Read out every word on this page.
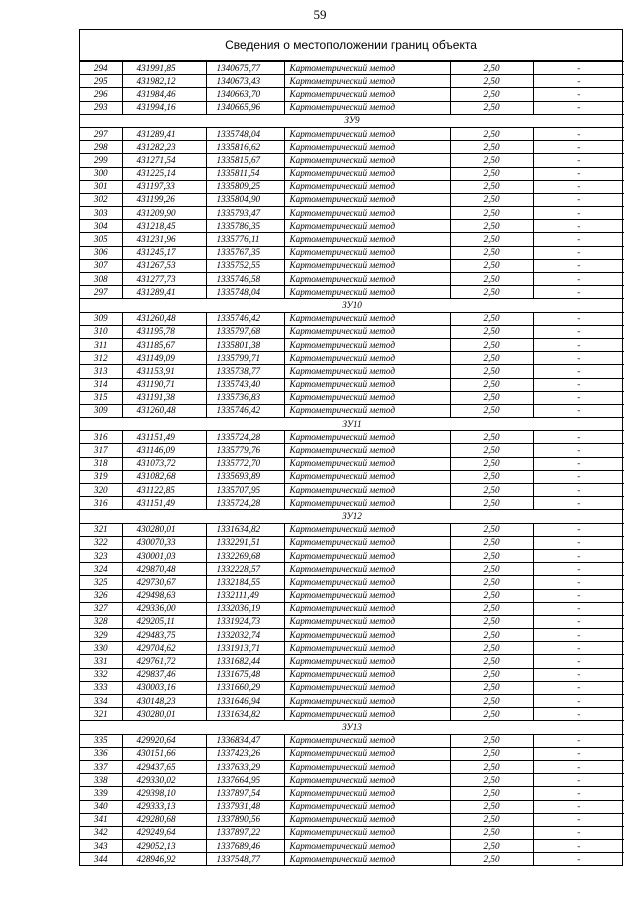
59
Сведения о местоположении границ объекта
294	431991,85	1340675,77	Картометрический метод	2,50	-
295	431982,12	1340673,43	Картометрический метод	2,50	-
296	431984,46	1340663,70	Картометрический метод	2,50	-
293	431994,16	1340665,96	Картометрический метод	2,50	-
ЗУ9					
297	431289,41	1335748,04	Картометрический метод	2,50	-
298	431282,23	1335816,62	Картометрический метод	2,50	-
299	431271,54	1335815,67	Картометрический метод	2,50	-
300	431225,14	1335811,54	Картометрический метод	2,50	-
301	431197,33	1335809,25	Картометрический метод	2,50	-
302	431199,26	1335804,90	Картометрический метод	2,50	-
303	431209,90	1335793,47	Картометрический метод	2,50	-
304	431218,45	1335786,35	Картометрический метод	2,50	-
305	431231,96	1335776,11	Картометрический метод	2,50	-
306	431245,17	1335767,35	Картометрический метод	2,50	-
307	431267,53	1335752,55	Картометрический метод	2,50	-
308	431277,73	1335746,58	Картометрический метод	2,50	-
297	431289,41	1335748,04	Картометрический метод	2,50	-
ЗУ10					
309	431260,48	1335746,42	Картометрический метод	2,50	-
310	431195,78	1335797,68	Картометрический метод	2,50	-
311	431185,67	1335801,38	Картометрический метод	2,50	-
312	431149,09	1335799,71	Картометрический метод	2,50	-
313	431153,91	1335738,77	Картометрический метод	2,50	-
314	431190,71	1335743,40	Картометрический метод	2,50	-
315	431191,38	1335736,83	Картометрический метод	2,50	-
309	431260,48	1335746,42	Картометрический метод	2,50	-
ЗУ11					
316	431151,49	1335724,28	Картометрический метод	2,50	-
317	431146,09	1335779,76	Картометрический метод	2,50	-
318	431073,72	1335772,70	Картометрический метод	2,50	-
319	431082,68	1335693,89	Картометрический метод	2,50	-
320	431122,85	1335707,95	Картометрический метод	2,50	-
316	431151,49	1335724,28	Картометрический метод	2,50	-
ЗУ12					
321	430280,01	1331634,82	Картометрический метод	2,50	-
322	430070,33	1332291,51	Картометрический метод	2,50	-
323	430001,03	1332269,68	Картометрический метод	2,50	-
324	429870,48	1332228,57	Картометрический метод	2,50	-
325	429730,67	1332184,55	Картометрический метод	2,50	-
326	429498,63	1332111,49	Картометрический метод	2,50	-
327	429336,00	1332036,19	Картометрический метод	2,50	-
328	429205,11	1331924,73	Картометрический метод	2,50	-
329	429483,75	1332032,74	Картометрический метод	2,50	-
330	429704,62	1331913,71	Картометрический метод	2,50	-
331	429761,72	1331682,44	Картометрический метод	2,50	-
332	429837,46	1331675,48	Картометрический метод	2,50	-
333	430003,16	1331660,29	Картометрический метод	2,50	-
334	430148,23	1331646,94	Картометрический метод	2,50	-
321	430280,01	1331634,82	Картометрический метод	2,50	-
ЗУ13					
335	429920,64	1336834,47	Картометрический метод	2,50	-
336	430151,66	1337423,26	Картометрический метод	2,50	-
337	429437,65	1337633,29	Картометрический метод	2,50	-
338	429330,02	1337664,95	Картометрический метод	2,50	-
339	429398,10	1337897,54	Картометрический метод	2,50	-
340	429333,13	1337931,48	Картометрический метод	2,50	-
341	429280,68	1337890,56	Картометрический метод	2,50	-
342	429249,64	1337897,22	Картометрический метод	2,50	-
343	429052,13	1337689,46	Картометрический метод	2,50	-
344	428946,92	1337548,77	Картометрический метод	2,50	-
